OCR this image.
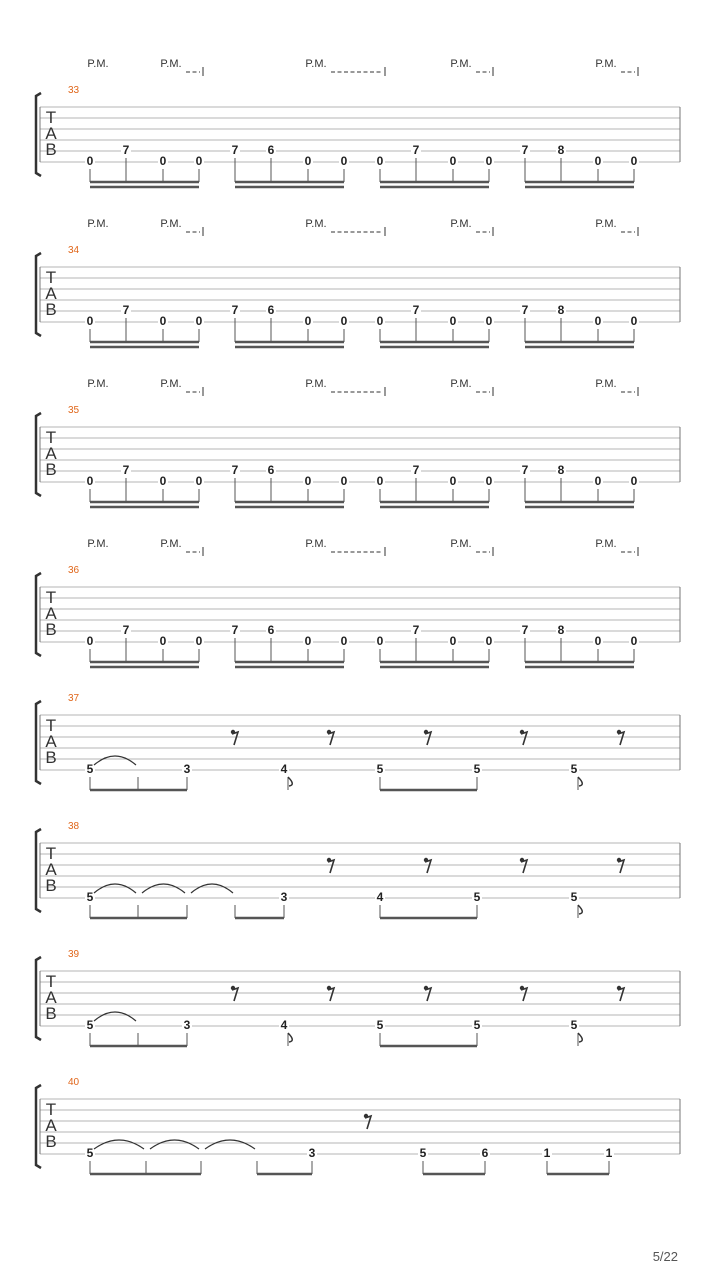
T
A
B
33
P.M.	P.M.	P.M.	P.M.	P.M.
0
7
0 0
7 6
0 0 0
7
0 0
7 8
0 0
T
A
B
34
P.M.	P.M.	P.M.	P.M.	P.M.
0
7
0 0
7 6
0 0 0
7
0 0
7 8
0 0
T
A
B
35
P.M.	P.M.	P.M.	P.M.	P.M.
0
7
0 0
7 6
0 0 0
7
0 0
7 8
0 0
T
A
B
36
P.M.	P.M.	P.M.	P.M.	P.M.
0
7
0 0
7 6
0 0 0
7
0 0
7 8
0 0
T
A
B
37
5	3	4	5	5	5
T
A
B
38
5	3	4	5	5
T
A
B
39
5	3	4	5	5	5
T
A
B
40
5	3	5	6	1	1
5/22
